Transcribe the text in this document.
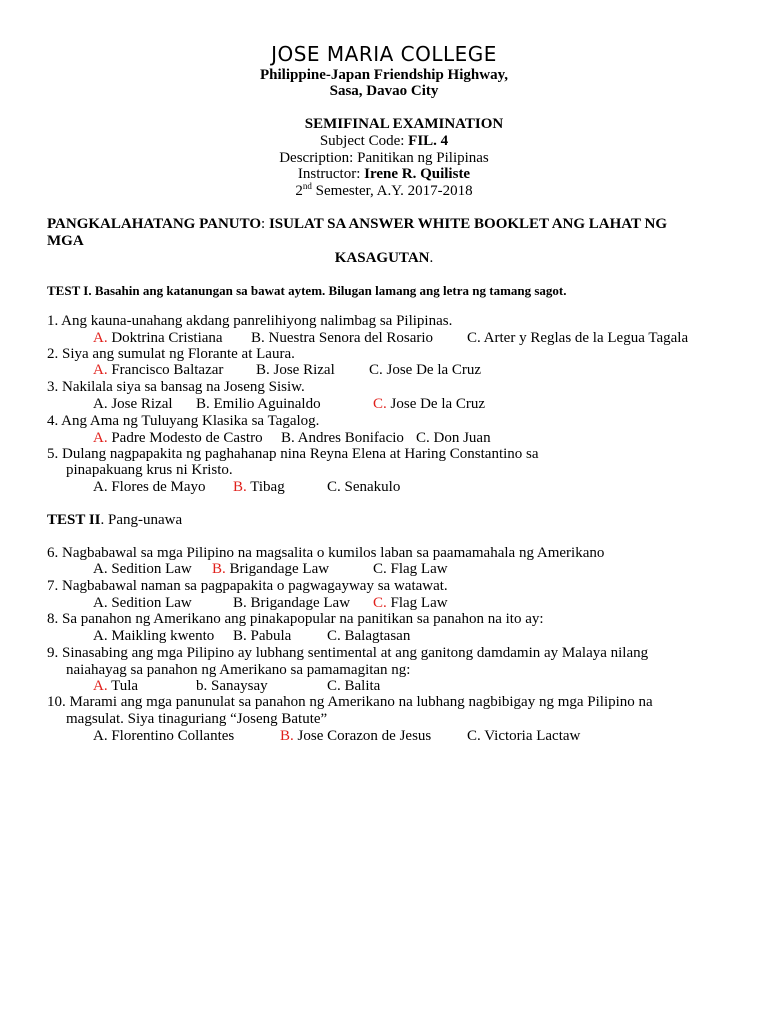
JOSE MARIA COLLEGE
Philippine-Japan Friendship Highway,
Sasa, Davao City
SEMIFINAL EXAMINATION
Subject Code: FIL. 4
Description: Panitikan ng Pilipinas
Instructor: Irene R. Quiliste
2nd Semester, A.Y. 2017-2018
PANGKALAHATANG PANUTO: ISULAT SA ANSWER WHITE BOOKLET ANG LAHAT NG
MGA
KASAGUTAN.
TEST I. Basahin ang katanungan sa bawat aytem. Bilugan lamang ang letra ng tamang sagot.
1. Ang kauna-unahang akdang panrelihiyong nalimbag sa Pilipinas.
A. Doktrina Cristiana B. Nuestra Senora del Rosario C. Arter y Reglas de la Legua Tagala
2. Siya ang sumulat ng Florante at Laura.
A. Francisco Baltazar B. Jose Rizal C. Jose De la Cruz
3. Nakilala siya sa bansag na Joseng Sisiw.
A. Jose Rizal B. Emilio Aguinaldo	C. Jose De la Cruz
4. Ang Ama ng Tuluyang Klasika sa Tagalog.
A. Padre Modesto de Castro B. Andres Bonifacio C. Don Juan
5. Dulang nagpapakita ng paghahanap nina Reyna Elena at Haring Constantino sa
pinapakuang krus ni Kristo.
A. Flores de Mayo B. Tibag	C. Senakulo
TEST II. Pang-unawa
6. Nagbabawal sa mga Pilipino na magsalita o kumilos laban sa paamamahala ng Amerikano
A. Sedition Law B. Brigandage Law	C. Flag Law
7. Nagbabawal naman sa pagpapakita o pagwagayway sa watawat.
A. Sedition Law	B. Brigandage Law C. Flag Law
8. Sa panahon ng Amerikano ang pinakapopular na panitikan sa panahon na ito ay:
A. Maikling kwento B. Pabula C. Balagtasan
9. Sinasabing ang mga Pilipino ay lubhang sentimental at ang ganitong damdamin ay Malaya nilang
naiahayag sa panahon ng Amerikano sa pamamagitan ng:
A. Tula	b. Sanaysay	C. Balita
10. Marami ang mga panunulat sa panahon ng Amerikano na lubhang nagbibigay ng mga Pilipino na
magsulat. Siya tinaguriang “Joseng Batute”
A. Florentino Collantes	B. Jose Corazon de Jesus C. Victoria Lactaw
